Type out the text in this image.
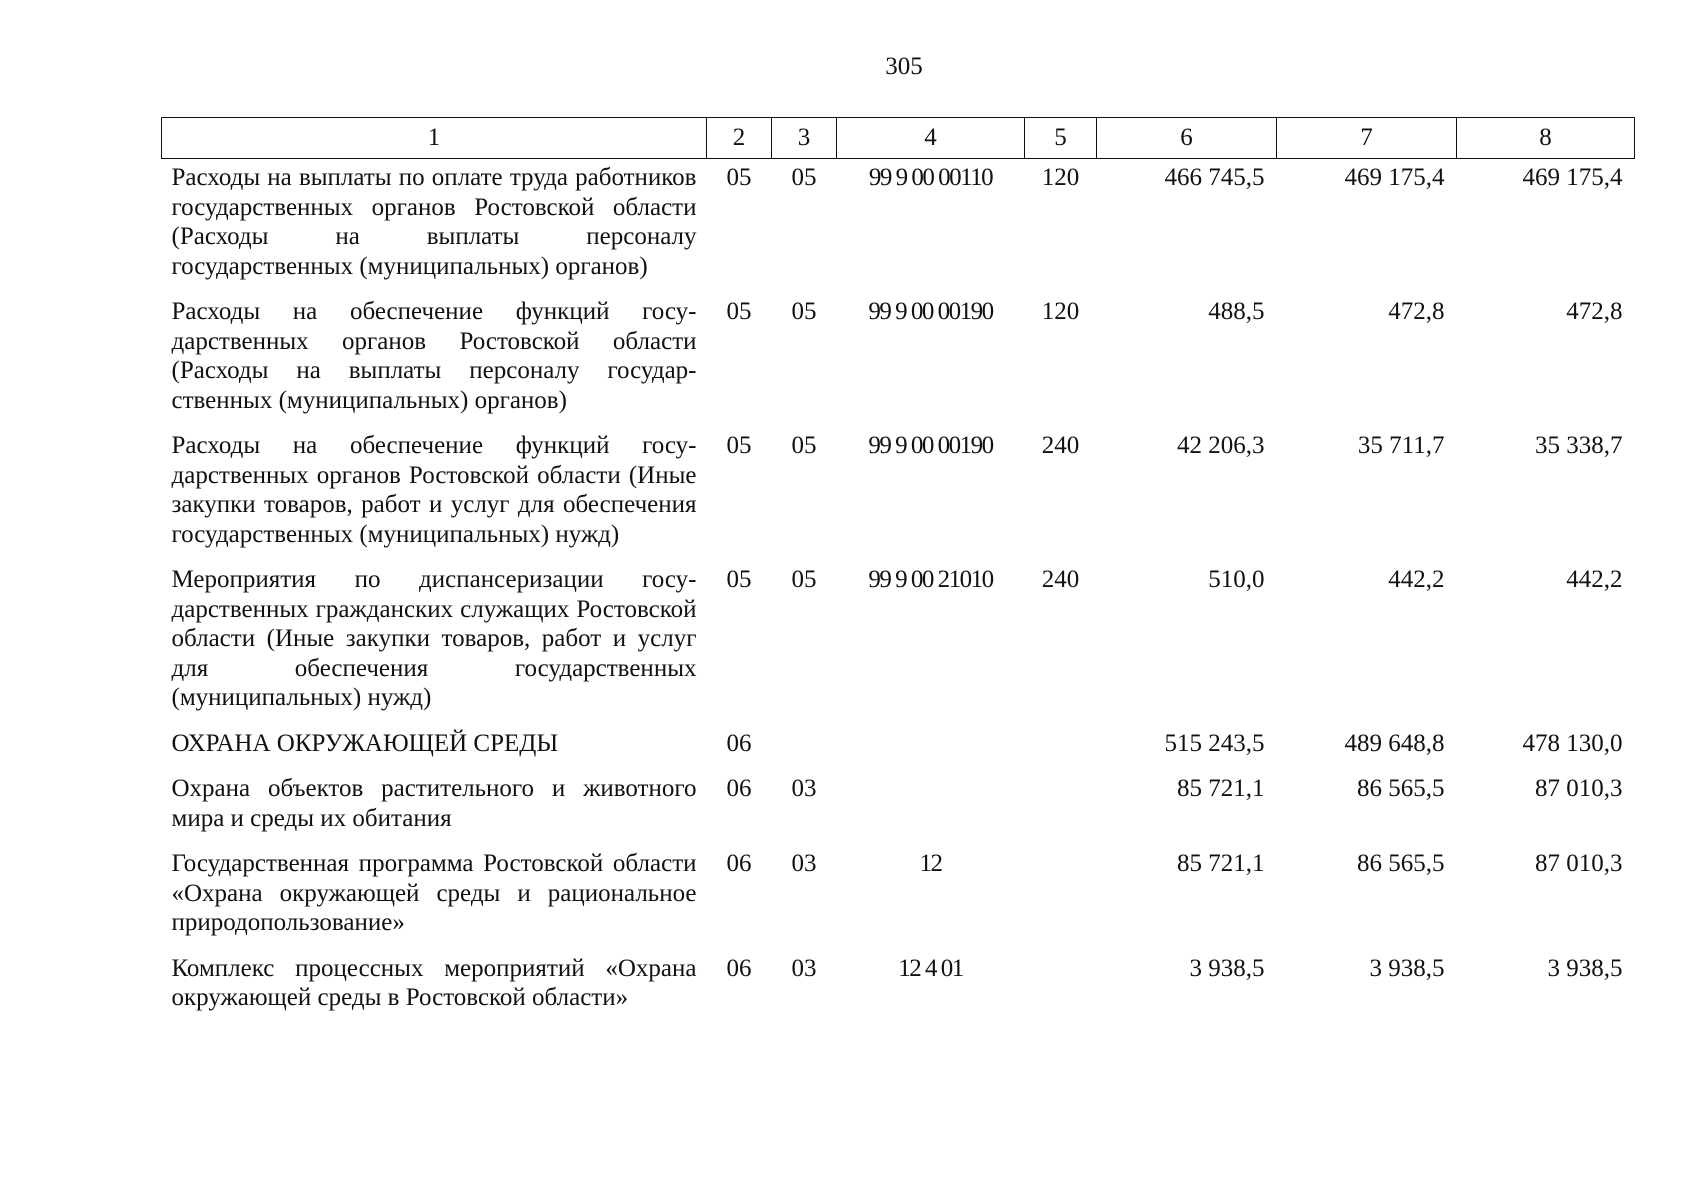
305
1	2	3	4	5	6	7	8
Расходы на выплаты по оплате труда работников государственных органов Ростовской области (Расходы на выплаты персоналу государственных (муниципальных) органов)	05	05	99 9 00 00110	120	466 745,5	469 175,4	469 175,4
Расходы на обеспечение функций государственных органов Ростовской области (Расходы на выплаты персоналу государственных (муниципальных) органов)	05	05	99 9 00 00190	120	488,5	472,8	472,8
Расходы на обеспечение функций государственных органов Ростовской области (Иные закупки товаров, работ и услуг для обеспечения государственных (муниципальных) нужд)	05	05	99 9 00 00190	240	42 206,3	35 711,7	35 338,7
Мероприятия по диспансеризации государственных гражданских служащих Ростовской области (Иные закупки товаров, работ и услуг для обеспечения государственных (муниципальных) нужд)	05	05	99 9 00 21010	240	510,0	442,2	442,2
ОХРАНА ОКРУЖАЮЩЕЙ СРЕДЫ	06				515 243,5	489 648,8	478 130,0
Охрана объектов растительного и животного мира и среды их обитания	06	03			85 721,1	86 565,5	87 010,3
Государственная программа Ростовской области «Охрана окружающей среды и рациональное природопользование»	06	03	12		85 721,1	86 565,5	87 010,3
Комплекс процессных мероприятий «Охрана окружающей среды в Ростовской области»	06	03	12 4 01		3 938,5	3 938,5	3 938,5
